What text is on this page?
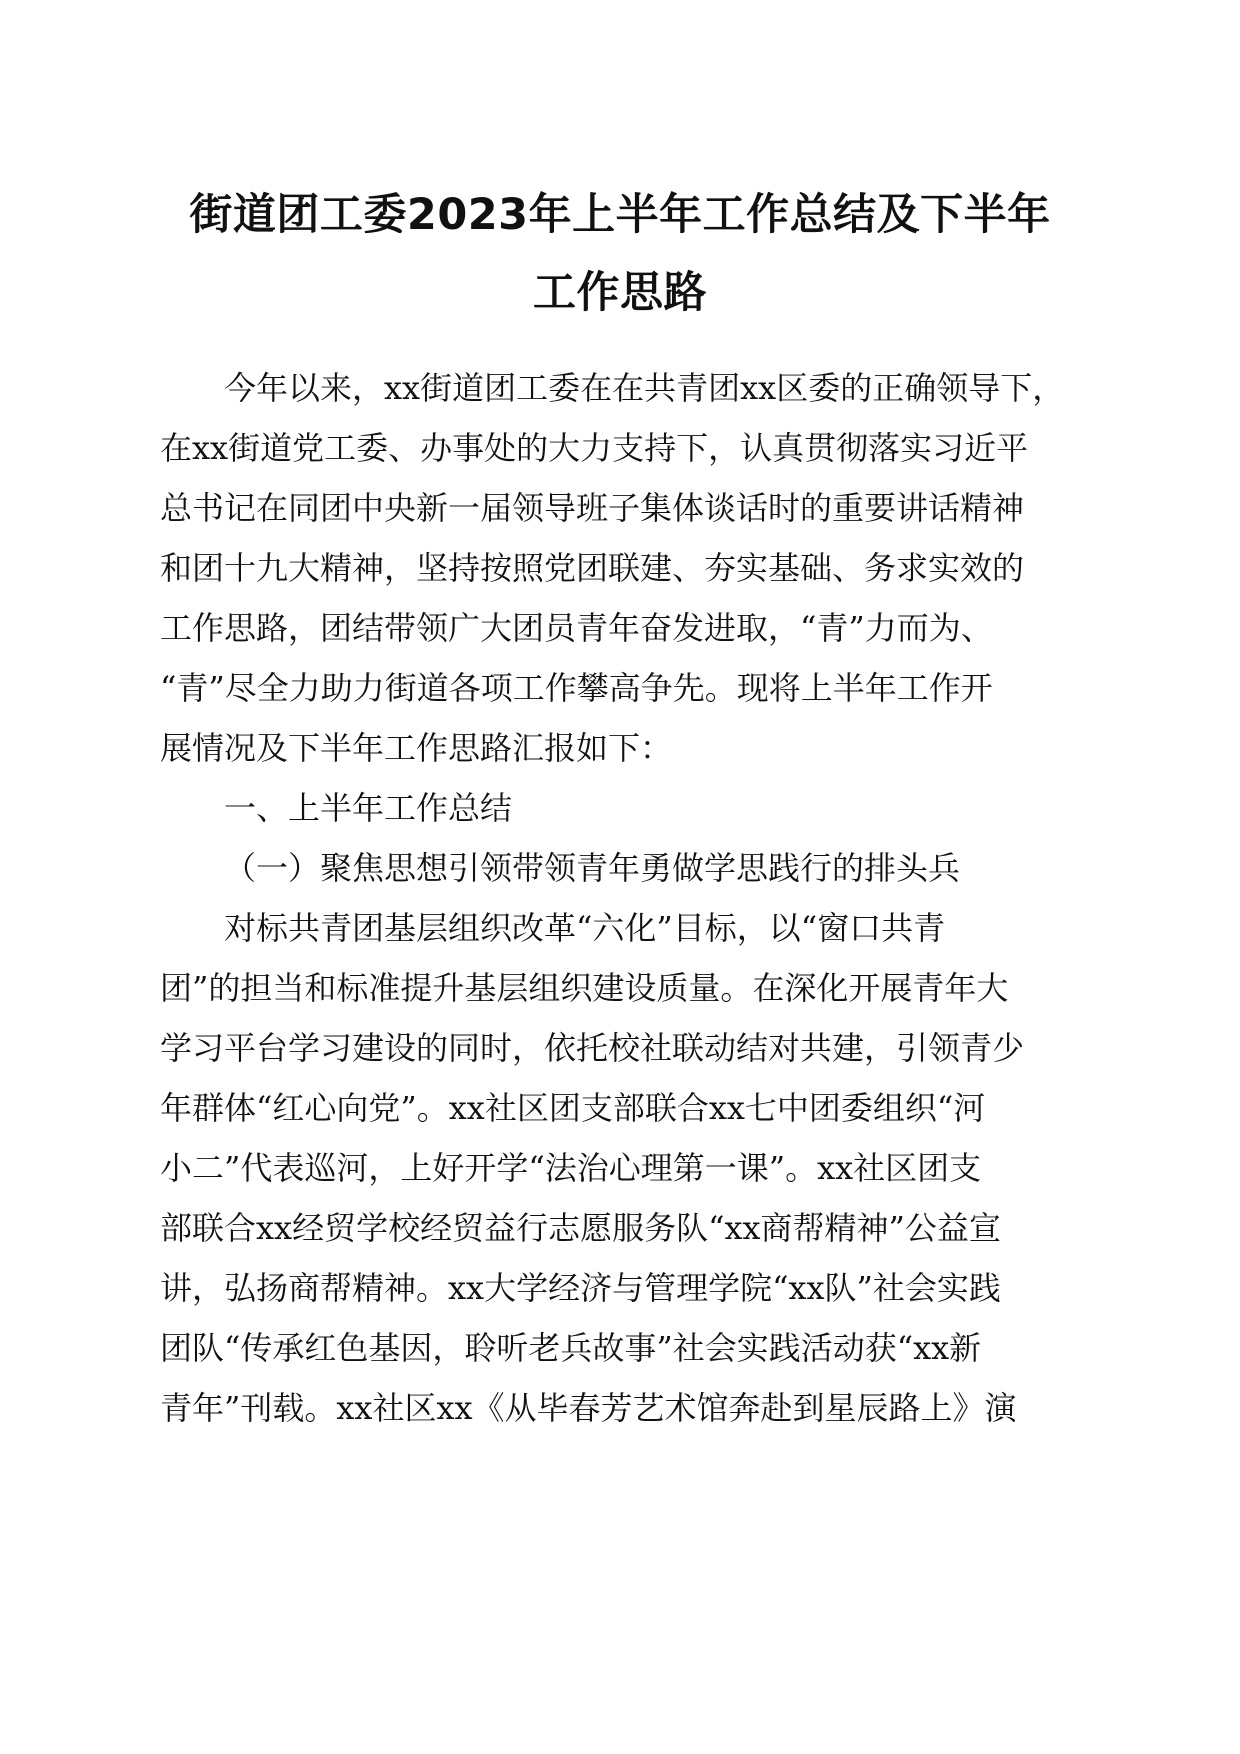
街道团工委2023年上半年工作总结及下半年
工作思路

今年以来，xx街道团工委在在共青团xx区委的正确领导下，

在xx街道党工委、办事处的大力支持下，认真贯彻落实习近平

总书记在同团中央新一届领导班子集体谈话时的重要讲话精神

和团十九大精神，坚持按照党团联建、夯实基础、务求实效的

工作思路，团结带领广大团员青年奋发进取，“青”力而为、

“青”尽全力助力街道各项工作攀高争先。现将上半年工作开

展情况及下半年工作思路汇报如下：

一、上半年工作总结

（一）聚焦思想引领带领青年勇做学思践行的排头兵

对标共青团基层组织改革“六化”目标，以“窗口共青

团”的担当和标准提升基层组织建设质量。在深化开展青年大

学习平台学习建设的同时，依托校社联动结对共建，引领青少

年群体“红心向党”。xx社区团支部联合xx七中团委组织“河

小二”代表巡河，上好开学“法治心理第一课”。xx社区团支

部联合xx经贸学校经贸益行志愿服务队“xx商帮精神”公益宣

讲，弘扬商帮精神。xx大学经济与管理学院“xx队”社会实践

团队“传承红色基因，聆听老兵故事”社会实践活动获“xx新

青年”刊载。xx社区xx《从毕春芳艺术馆奔赴到星辰路上》演
